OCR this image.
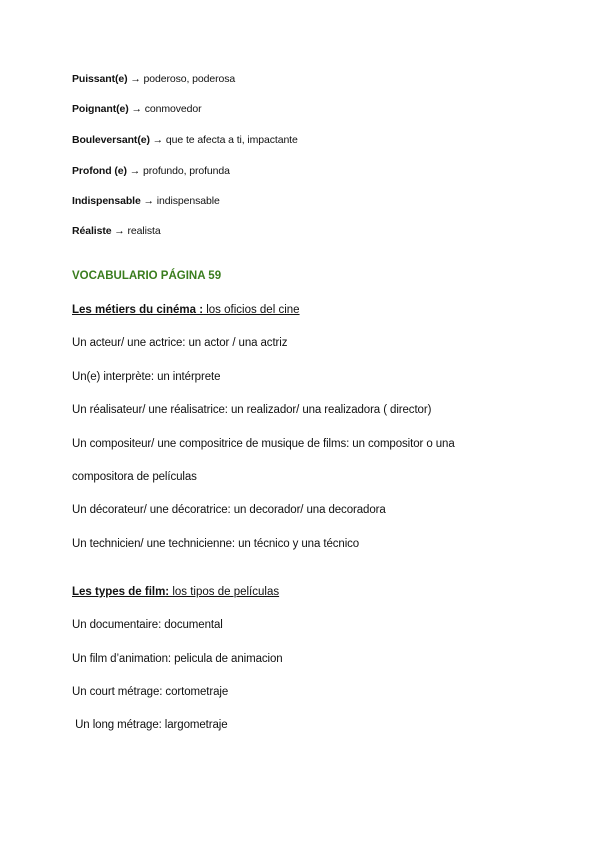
Puissant(e) → poderoso, poderosa
Poignant(e) → conmovedor
Bouleversant(e) → que te afecta a ti, impactante
Profond (e) → profundo, profunda
Indispensable → indispensable
Réaliste → realista
VOCABULARIO PÁGINA 59
Les métiers du cinéma : los oficios del cine
Un acteur/ une actrice: un actor / una actriz
Un(e) interprète: un intérprete
Un réalisateur/ une réalisatrice: un realizador/ una realizadora ( director)
Un compositeur/ une compositrice de musique de films: un compositor o una
compositora de películas
Un décorateur/ une décoratrice: un decorador/ una decoradora
Un technicien/ une technicienne: un técnico y una técnico
Les types de film: los tipos de películas
Un documentaire: documental
Un film d’animation: pelicula de animacion
Un court métrage: cortometraje
Un long métrage: largometraje
